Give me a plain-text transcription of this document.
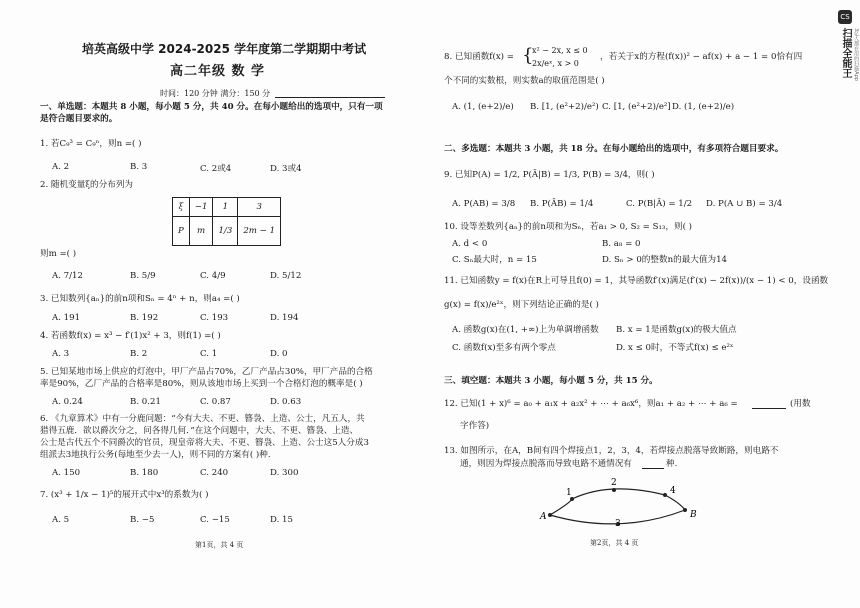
培英高级中学 2024-2025 学年度第二学期期中考试
高二年级 数 学
时间：120 分钟 满分：150 分
一、单选题：本题共 8 小题，每小题 5 分，共 40 分。在每小题给出的选项中，只有一项
是符合题目要求的。
1. 若C₉³ = C₉ⁿ，则n =( )
A. 2	B. 3	C. 2或4	D. 3或4
2. 随机变量ξ的分布列为
ξ	−1	1	3
P	m	1/3	2m − 1
则m =( )
A. 7/12	B. 5/9	C. 4/9	D. 5/12
3. 已知数列{aₙ}的前n项和Sₙ = 4ⁿ + n，则a₄ =( )
A. 191	B. 192	C. 193	D. 194
4. 若函数f(x) = x³ − f′(1)x² + 3，则f(1) =( )
A. 3	B. 2	C. 1	D. 0
5. 已知某地市场上供应的灯泡中，甲厂产品占70%，乙厂产品占30%，甲厂产品的合格
率是90%，乙厂产品的合格率是80%，则从该地市场上买到一个合格灯泡的概率是( )
A. 0.24	B. 0.21	C. 0.87	D. 0.63
6. 《九章算术》中有一分鹿问题：“今有大夫、不更、簪袅、上造、公士，凡五人，共
猎得五鹿．欲以爵次分之，问各得几何．”在这个问题中，大夫、不更、簪袅、上造、
公士是古代五个不同爵次的官员，现皇帝将大夫、不更、簪袅、上造、公士这5人分成3
组派去3地执行公务(每地至少去一人)，则不同的方案有( )种.
A. 150	B. 180	C. 240	D. 300
7. (x³ + 1/x − 1)⁵的展开式中x³的系数为( )
A. 5	B. −5	C. −15	D. 15
第1页，共 4 页
8. 已知函数f(x) = {
x² − 2x, x ≤ 0
2x/eˣ, x > 0
，若关于x的方程(f(x))² − af(x) + a − 1 = 0恰有四
个不同的实数根，则实数a的取值范围是( )
A. (1, (e+2)/e) B. [1, (e²+2)/e²) C. [1, (e²+2)/e²] D. (1, (e+2)/e)
二、多选题：本题共 3 小题，共 18 分。在每小题给出的选项中，有多项符合题目要求。
9. 已知P(A) = 1/2, P(Ā|B) = 1/3, P(B) = 3/4，则( )
A. P(AB) = 3/8 B. P(ĀB) = 1/4	C. P(B|Ā) = 1/2 D. P(A ∪ B) = 3/4
10. 设等差数列{aₙ}的前n项和为Sₙ，若a₁ > 0, S₂ = S₁₃，则( )
A. d < 0	B. a₈ = 0
C. Sₙ最大时，n = 15	D. Sₙ > 0的整数n的最大值为14
11. 已知函数y = f(x)在R上可导且f(0) = 1，其导函数f′(x)满足(f′(x) − 2f(x))/(x − 1) < 0，设函数
g(x) = f(x)/e²ˣ，则下列结论正确的是( )
A. 函数g(x)在(1, +∞)上为单调增函数 B. x = 1是函数g(x)的极大值点
C. 函数f(x)至多有两个零点	D. x ≤ 0时，不等式f(x) ≤ e²ˣ
三、填空题：本题共 3 小题，每小题 5 分，共 15 分。
12. 已知(1 + x)⁶ = a₀ + a₁x + a₂x² + ⋯ + a₆x⁶，则a₁ + a₂ + ⋯ + a₆ =	(用数
字作答)
13. 如图所示，在A，B间有四个焊接点1，2，3，4，若焊接点脱落导致断路，则电路不
通，则因为焊接点脱落而导致电路不通情况有	种.
A
1
2
4
3
B
第2页，共 4 页
CS
扫描全能王 3亿人都在用的扫描App
